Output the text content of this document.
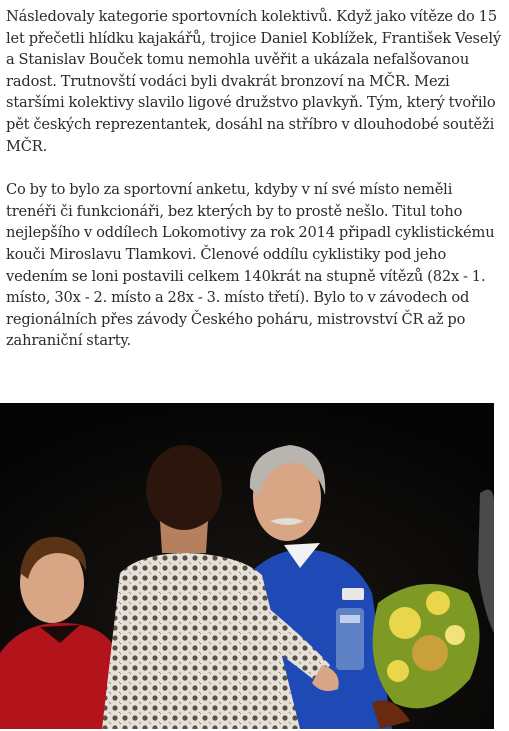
Následovaly kategorie sportovních kolektivů. Když jako vítěze do 15 let přečetli hlídku kajakářů, trojice Daniel Koblížek, František Veselý a Stanislav Bouček tomu nemohla uvěřit a ukázala nefalšovanou radost. Trutnovští vodáci byli dvakrát bronzoví na MČR. Mezi staršími kolektivy slavilo ligové družstvo plavkyň. Tým, který tvořilo pět českých reprezentantek, dosáhl na stříbro v dlouhodobé soutěži MČR.

Co by to bylo za sportovní anketu, kdyby v ní své místo neměli trenéři či funkcionáři, bez kterých by to prostě nešlo. Titul toho nejlepšího v oddílech Lokomotivy za rok 2014 připadl cyklistickému kouči Miroslavu Tlamkovi. Členové oddílu cyklistiky pod jeho vedením se loni postavili celkem 140krát na stupně vítězů (82x - 1. místo, 30x - 2. místo a 28x - 3. místo třetí). Bylo to v závodech od regionálních přes závody Českého poháru, mistrovství ČR až po zahraniční starty.
